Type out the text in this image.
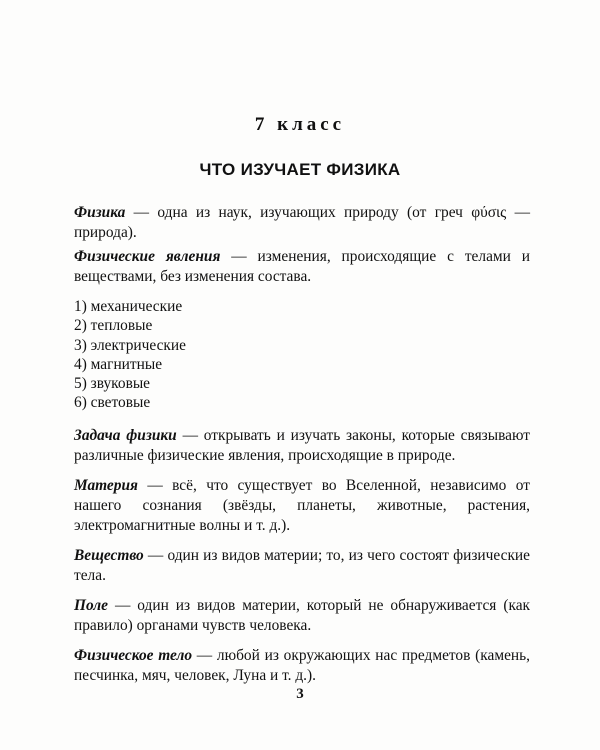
7 класс
ЧТО ИЗУЧАЕТ ФИЗИКА

Физика — одна из наук, изучающих природу (от греч φύσις — природа).

Физические явления — изменения, происходящие с телами и веществами, без изменения состава.

1) механические
2) тепловые
3) электрические
4) магнитные
5) звуковые
6) световые

Задача физики — открывать и изучать законы, которые связывают различные физические явления, происходящие в природе.

Материя — всё, что существует во Вселенной, независимо от нашего сознания (звёзды, планеты, животные, растения, электромагнитные волны и т. д.).

Вещество — один из видов материи; то, из чего состоят физические тела.

Поле — один из видов материи, который не обнаруживается (как правило) органами чувств человека.

Физическое тело — любой из окружающих нас предметов (камень, песчинка, мяч, человек, Луна и т. д.).

3
